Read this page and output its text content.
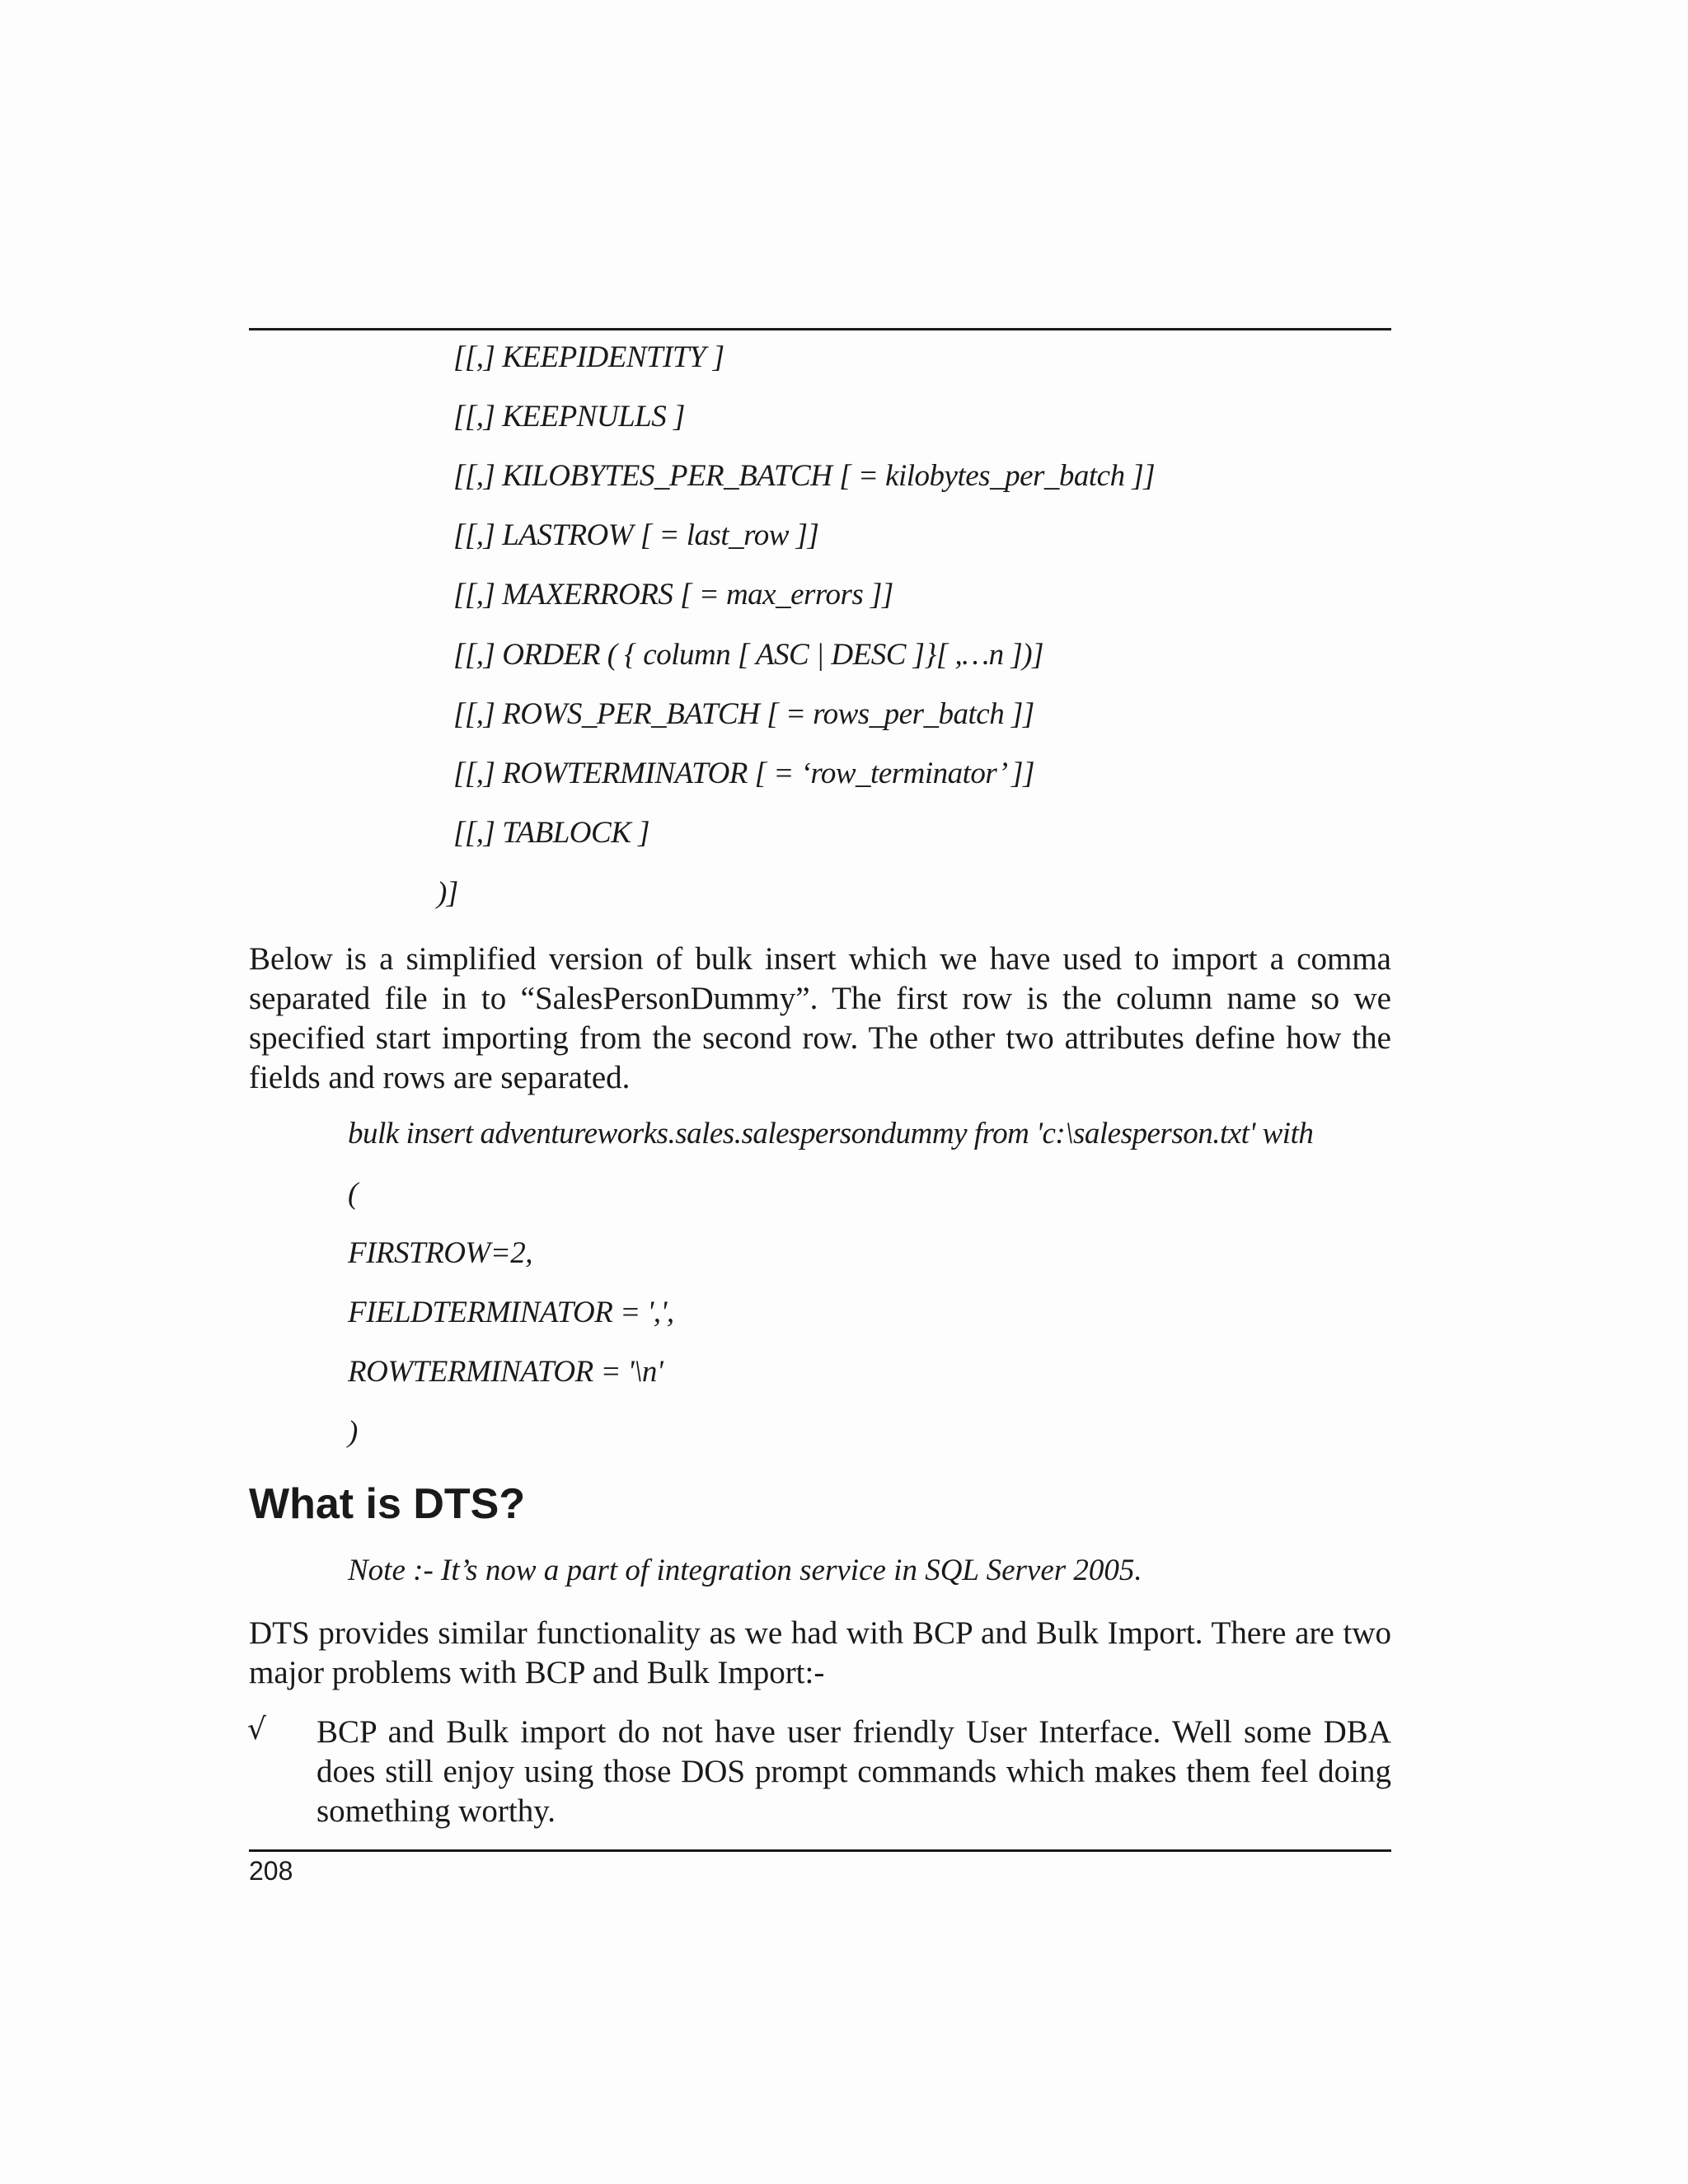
[[,] KEEPIDENTITY ]
[[,] KEEPNULLS ]
[[,] KILOBYTES_PER_BATCH [ = kilobytes_per_batch ]]
[[,] LASTROW [ = last_row ]]
[[,] MAXERRORS [ = max_errors ]]
[[,] ORDER ( { column [ ASC | DESC ]}[ ,…n ])]
[[,] ROWS_PER_BATCH [ = rows_per_batch ]]
[[,] ROWTERMINATOR [ = ‘row_terminator’ ]]
[[,] TABLOCK ]
)]

Below is a simplified version of bulk insert which we have used to import a comma separated file in to “SalesPersonDummy”. The first row is the column name so we specified start importing from the second row. The other two attributes define how the fields and rows are separated.

bulk insert adventureworks.sales.salespersondummy from 'c:\salesperson.txt' with
(
FIRSTROW=2,
FIELDTERMINATOR = ',',
ROWTERMINATOR = '\n'
)
What is DTS?
Note :- It’s now a part of integration service in SQL Server 2005.

DTS provides similar functionality as we had with BCP and Bulk Import. There are two major problems with BCP and Bulk Import:-

√ BCP and Bulk import do not have user friendly User Interface. Well some DBA does still enjoy using those DOS prompt commands which makes them feel doing something worthy.

208
